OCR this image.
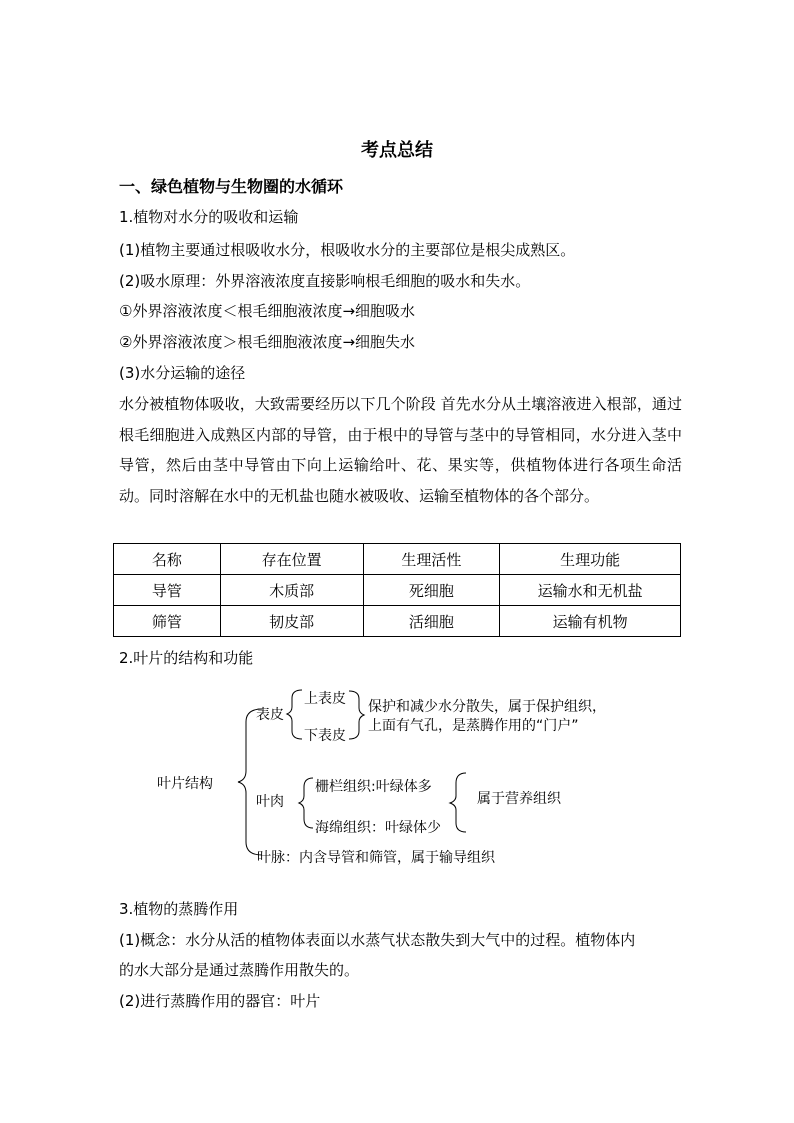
考点总结
一、绿色植物与生物圈的水循环
1.植物对水分的吸收和运输
(1)植物主要通过根吸收水分，根吸收水分的主要部位是根尖成熟区。
(2)吸水原理：外界溶液浓度直接影响根毛细胞的吸水和失水。
①外界溶液浓度＜根毛细胞液浓度→细胞吸水
②外界溶液浓度＞根毛细胞液浓度→细胞失水
(3)水分运输的途径
水分被植物体吸收，大致需要经历以下几个阶段 首先水分从土壤溶液进入根部，通过根毛细胞进入成熟区内部的导管，由于根中的导管与茎中的导管相同，水分进入茎中导管，然后由茎中导管由下向上运输给叶、花、果实等，供植物体进行各项生命活动。同时溶解在水中的无机盐也随水被吸收、运输至植物体的各个部分。
名称	存在位置	生理活性	生理功能
导管	木质部	死细胞	运输水和无机盐
筛管	韧皮部	活细胞	运输有机物
2.叶片的结构和功能
叶片结构
表皮
上表皮
下表皮
保护和减少水分散失，属于保护组织，
上面有气孔，是蒸腾作用的“门户”
叶肉
栅栏组织:叶绿体多
海绵组织：叶绿体少
属于营养组织
叶脉：内含导管和筛管，属于输导组织
3.植物的蒸腾作用
(1)概念：水分从活的植物体表面以水蒸气状态散失到大气中的过程。植物体内
的水大部分是通过蒸腾作用散失的。
(2)进行蒸腾作用的器官：叶片
